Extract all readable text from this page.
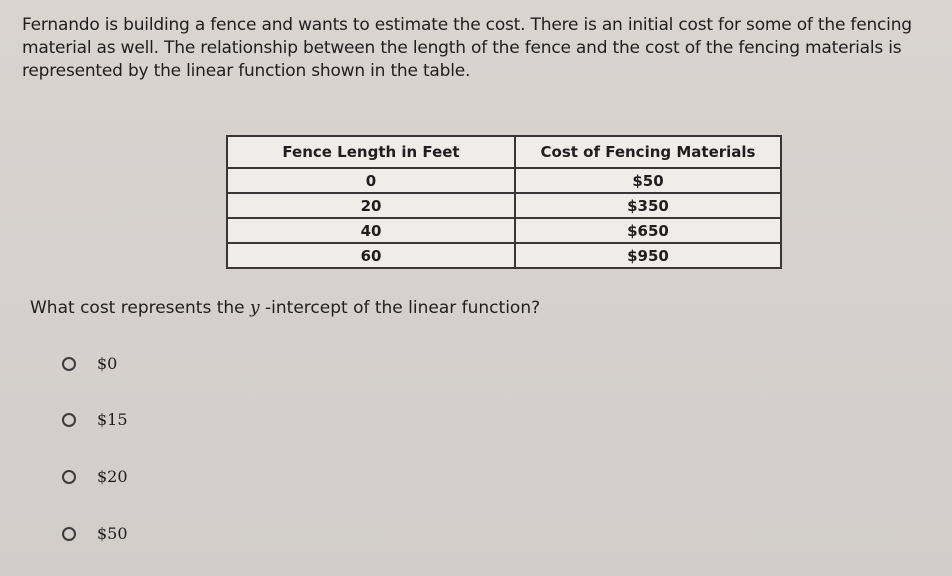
Fernando is building a fence and wants to estimate the cost. There is an initial cost for some of the fencing material as well. The relationship between the length of the fence and the cost of the fencing materials is represented by the linear function shown in the table.

Fence Length in Feet	Cost of Fencing Materials
0	$50
20	$350
40	$650
60	$950

What cost represents the y -intercept of the linear function?

$0
$15
$20
$50
